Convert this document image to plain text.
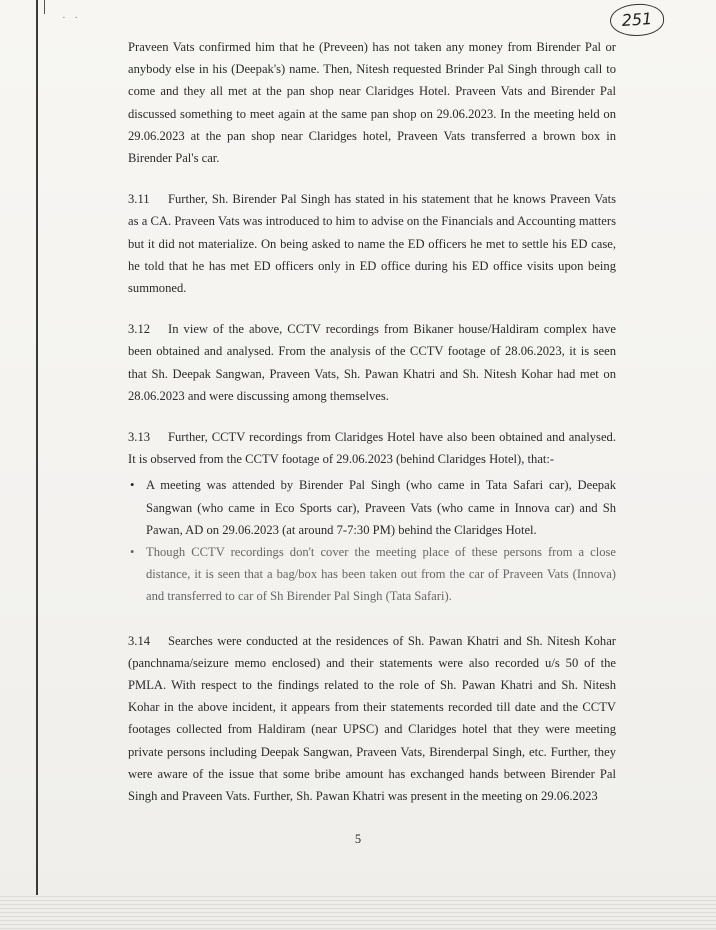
· ·	251

Praveen Vats confirmed him that he (Preveen) has not taken any money from Birender Pal or anybody else in his (Deepak's) name. Then, Nitesh requested Brinder Pal Singh through call to come and they all met at the pan shop near Claridges Hotel. Praveen Vats and Birender Pal discussed something to meet again at the same pan shop on 29.06.2023. In the meeting held on 29.06.2023 at the pan shop near Claridges hotel, Praveen Vats transferred a brown box in Birender Pal's car.

3.11 Further, Sh. Birender Pal Singh has stated in his statement that he knows Praveen Vats as a CA. Praveen Vats was introduced to him to advise on the Financials and Accounting matters but it did not materialize. On being asked to name the ED officers he met to settle his ED case, he told that he has met ED officers only in ED office during his ED office visits upon being summoned.

3.12 In view of the above, CCTV recordings from Bikaner house/Haldiram complex have been obtained and analysed. From the analysis of the CCTV footage of 28.06.2023, it is seen that Sh. Deepak Sangwan, Praveen Vats, Sh. Pawan Khatri and Sh. Nitesh Kohar had met on 28.06.2023 and were discussing among themselves.

3.13 Further, CCTV recordings from Claridges Hotel have also been obtained and analysed. It is observed from the CCTV footage of 29.06.2023 (behind Claridges Hotel), that:-

• A meeting was attended by Birender Pal Singh (who came in Tata Safari car), Deepak Sangwan (who came in Eco Sports car), Praveen Vats (who came in Innova car) and Sh Pawan, AD on 29.06.2023 (at around 7-7:30 PM) behind the Claridges Hotel.
• Though CCTV recordings don't cover the meeting place of these persons from a close distance, it is seen that a bag/box has been taken out from the car of Praveen Vats (Innova) and transferred to car of Sh Birender Pal Singh (Tata Safari).

3.14 Searches were conducted at the residences of Sh. Pawan Khatri and Sh. Nitesh Kohar (panchnama/seizure memo enclosed) and their statements were also recorded u/s 50 of the PMLA. With respect to the findings related to the role of Sh. Pawan Khatri and Sh. Nitesh Kohar in the above incident, it appears from their statements recorded till date and the CCTV footages collected from Haldiram (near UPSC) and Claridges hotel that they were meeting private persons including Deepak Sangwan, Praveen Vats, Birenderpal Singh, etc. Further, they were aware of the issue that some bribe amount has exchanged hands between Birender Pal Singh and Praveen Vats. Further, Sh. Pawan Khatri was present in the meeting on 29.06.2023

5
